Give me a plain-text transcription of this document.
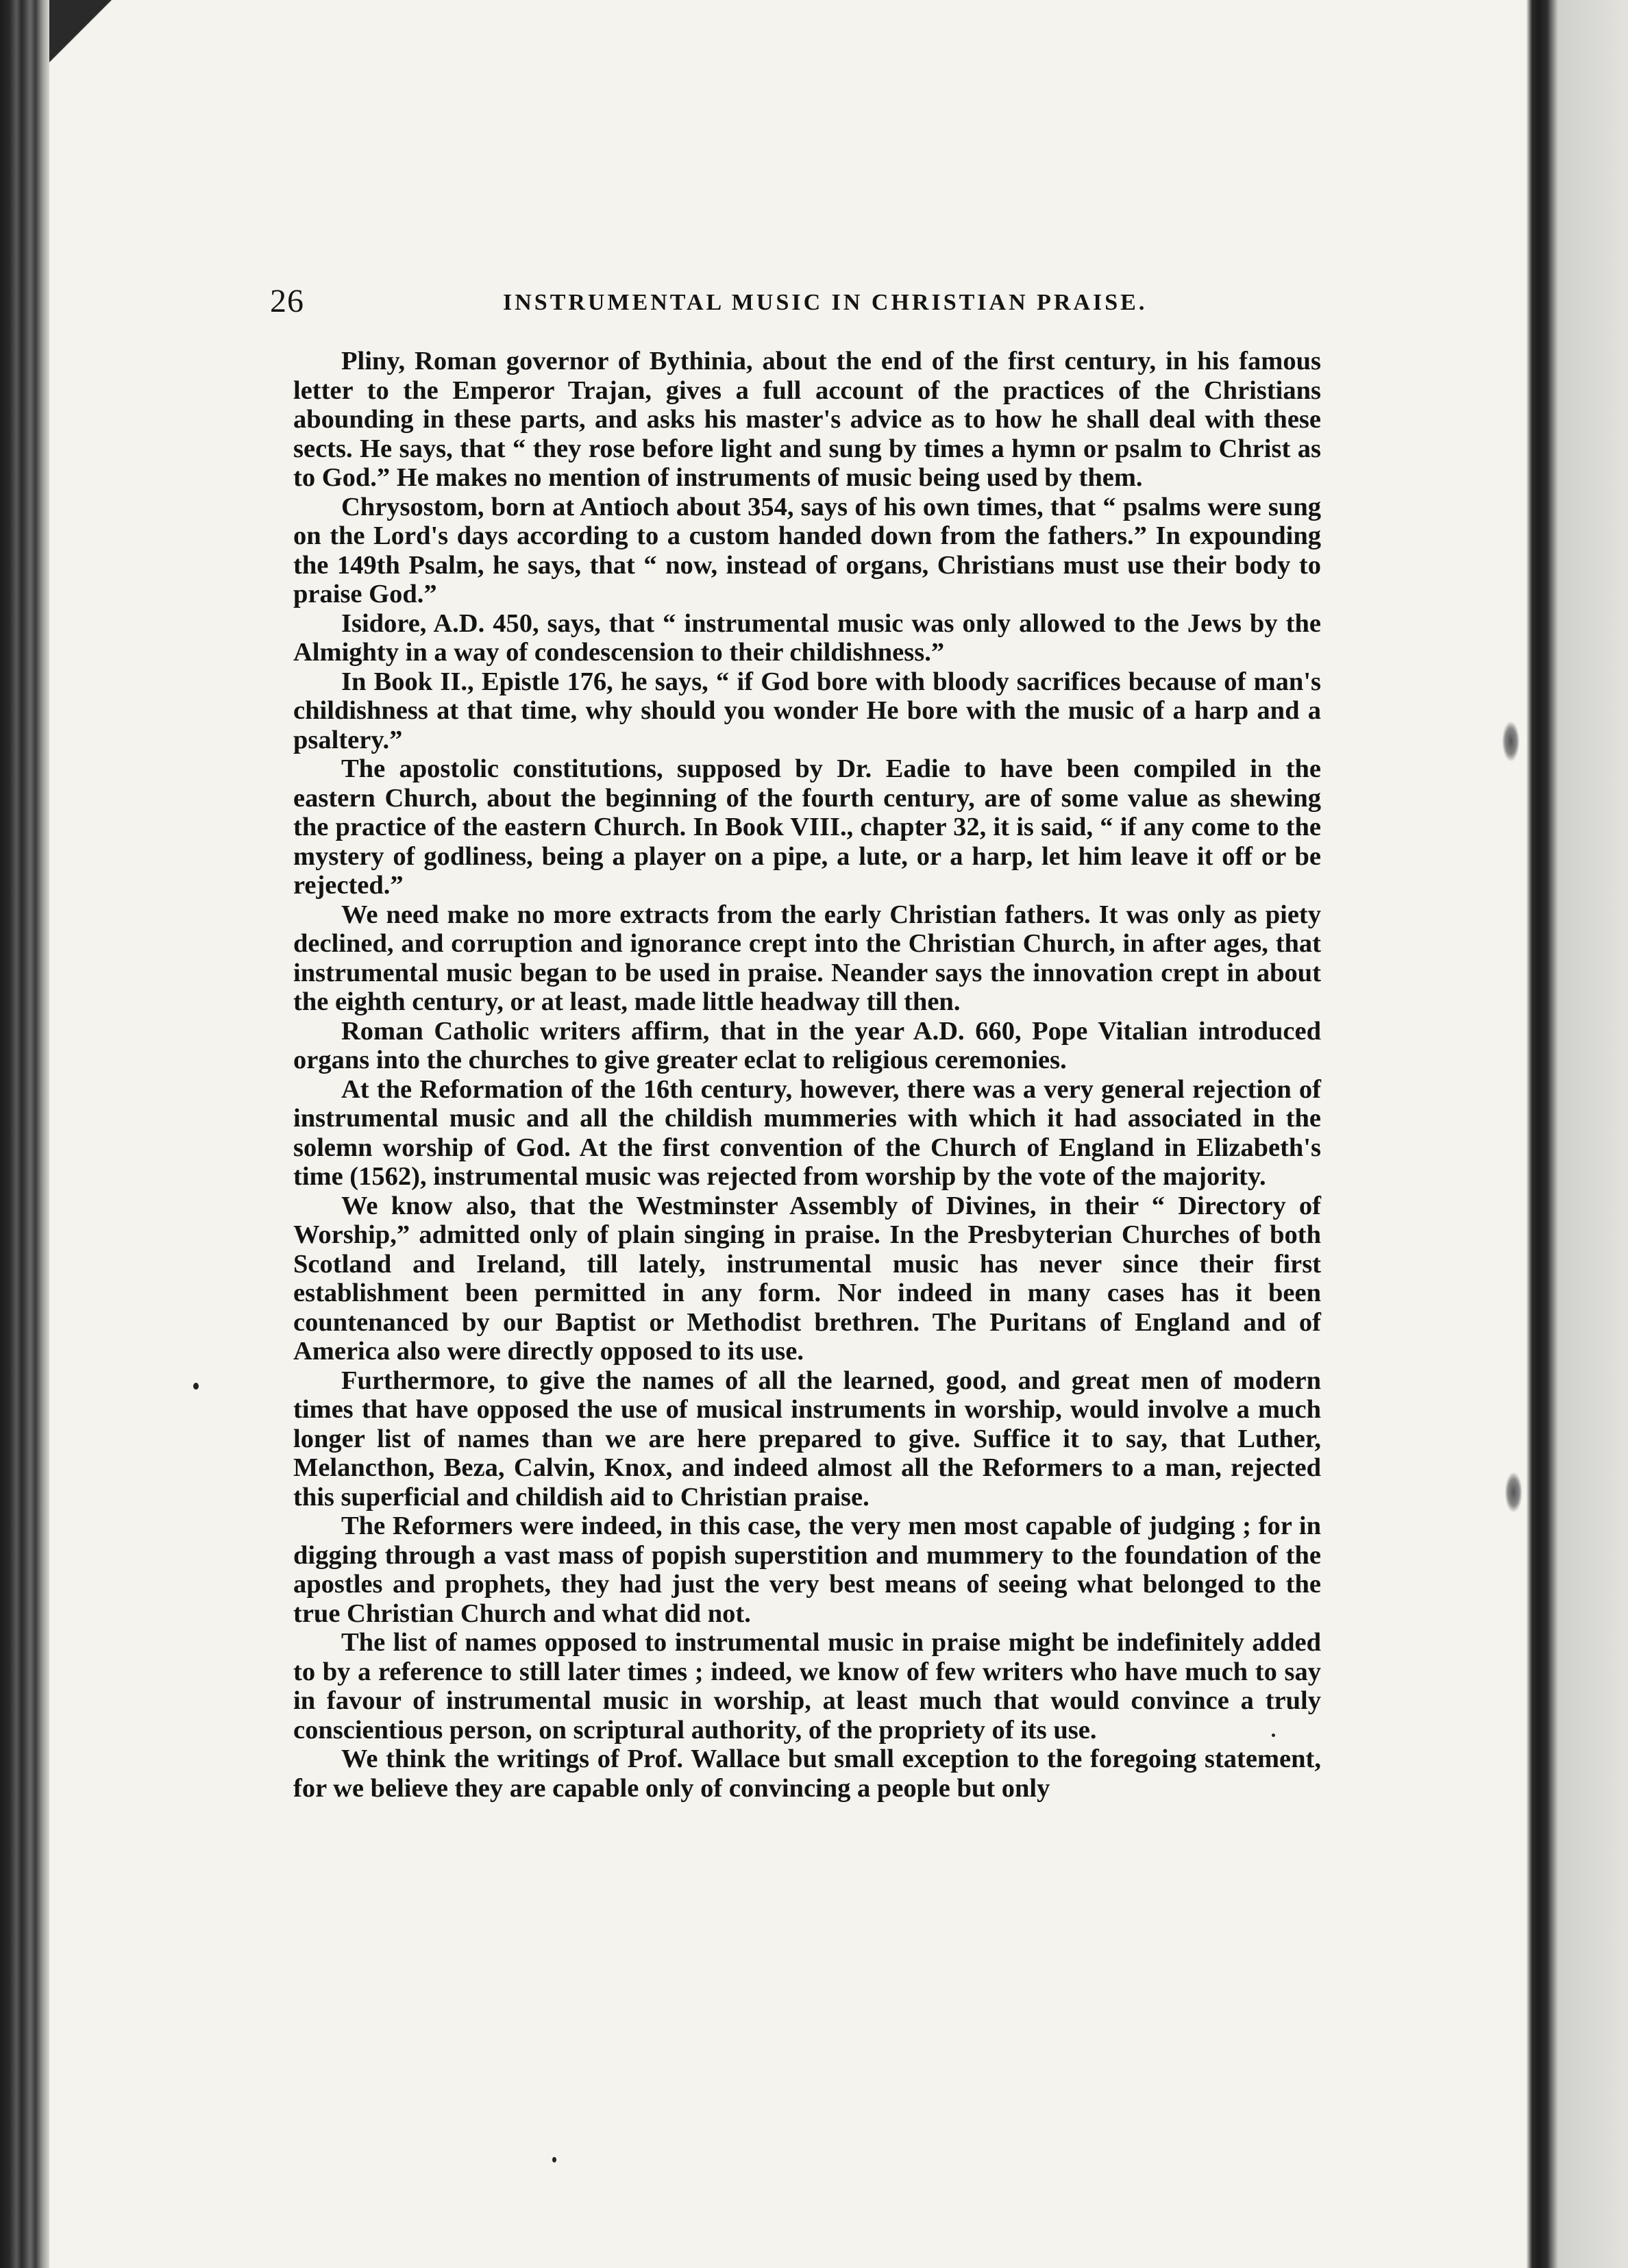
26	INSTRUMENTAL MUSIC IN CHRISTIAN PRAISE.

Pliny, Roman governor of Bythinia, about the end of the first century, in his famous letter to the Emperor Trajan, gives a full account of the practices of the Christians abounding in these parts, and asks his master's advice as to how he shall deal with these sects. He says, that “ they rose before light and sung by times a hymn or psalm to Christ as to God.” He makes no mention of instruments of music being used by them.

Chrysostom, born at Antioch about 354, says of his own times, that “ psalms were sung on the Lord's days according to a custom handed down from the fathers.” In expounding the 149th Psalm, he says, that “ now, instead of organs, Christians must use their body to praise God.”

Isidore, A.D. 450, says, that “ instrumental music was only allowed to the Jews by the Almighty in a way of condescension to their childishness.”

In Book II., Epistle 176, he says, “ if God bore with bloody sacrifices because of man's childishness at that time, why should you wonder He bore with the music of a harp and a psaltery.”

The apostolic constitutions, supposed by Dr. Eadie to have been compiled in the eastern Church, about the beginning of the fourth century, are of some value as shewing the practice of the eastern Church. In Book VIII., chapter 32, it is said, “ if any come to the mystery of godliness, being a player on a pipe, a lute, or a harp, let him leave it off or be rejected.”

We need make no more extracts from the early Christian fathers. It was only as piety declined, and corruption and ignorance crept into the Christian Church, in after ages, that instrumental music began to be used in praise. Neander says the innovation crept in about the eighth century, or at least, made little headway till then.

Roman Catholic writers affirm, that in the year A.D. 660, Pope Vitalian introduced organs into the churches to give greater eclat to religious ceremonies.

At the Reformation of the 16th century, however, there was a very general rejection of instrumental music and all the childish mummeries with which it had associated in the solemn worship of God. At the first convention of the Church of England in Elizabeth's time (1562), instrumental music was rejected from worship by the vote of the majority.

We know also, that the Westminster Assembly of Divines, in their “ Directory of Worship,” admitted only of plain singing in praise. In the Presbyterian Churches of both Scotland and Ireland, till lately, instrumental music has never since their first establishment been permitted in any form. Nor indeed in many cases has it been countenanced by our Baptist or Methodist brethren. The Puritans of England and of America also were directly opposed to its use.

Furthermore, to give the names of all the learned, good, and great men of modern times that have opposed the use of musical instruments in worship, would involve a much longer list of names than we are here prepared to give. Suffice it to say, that Luther, Melancthon, Beza, Calvin, Knox, and indeed almost all the Reformers to a man, rejected this superficial and childish aid to Christian praise.

The Reformers were indeed, in this case, the very men most capable of judging ; for in digging through a vast mass of popish superstition and mummery to the foundation of the apostles and prophets, they had just the very best means of seeing what belonged to the true Christian Church and what did not.

The list of names opposed to instrumental music in praise might be indefinitely added to by a reference to still later times ; indeed, we know of few writers who have much to say in favour of instrumental music in worship, at least much that would convince a truly conscientious person, on scriptural authority, of the propriety of its use.

We think the writings of Prof. Wallace but small exception to the foregoing statement, for we believe they are capable only of convincing a people but only
